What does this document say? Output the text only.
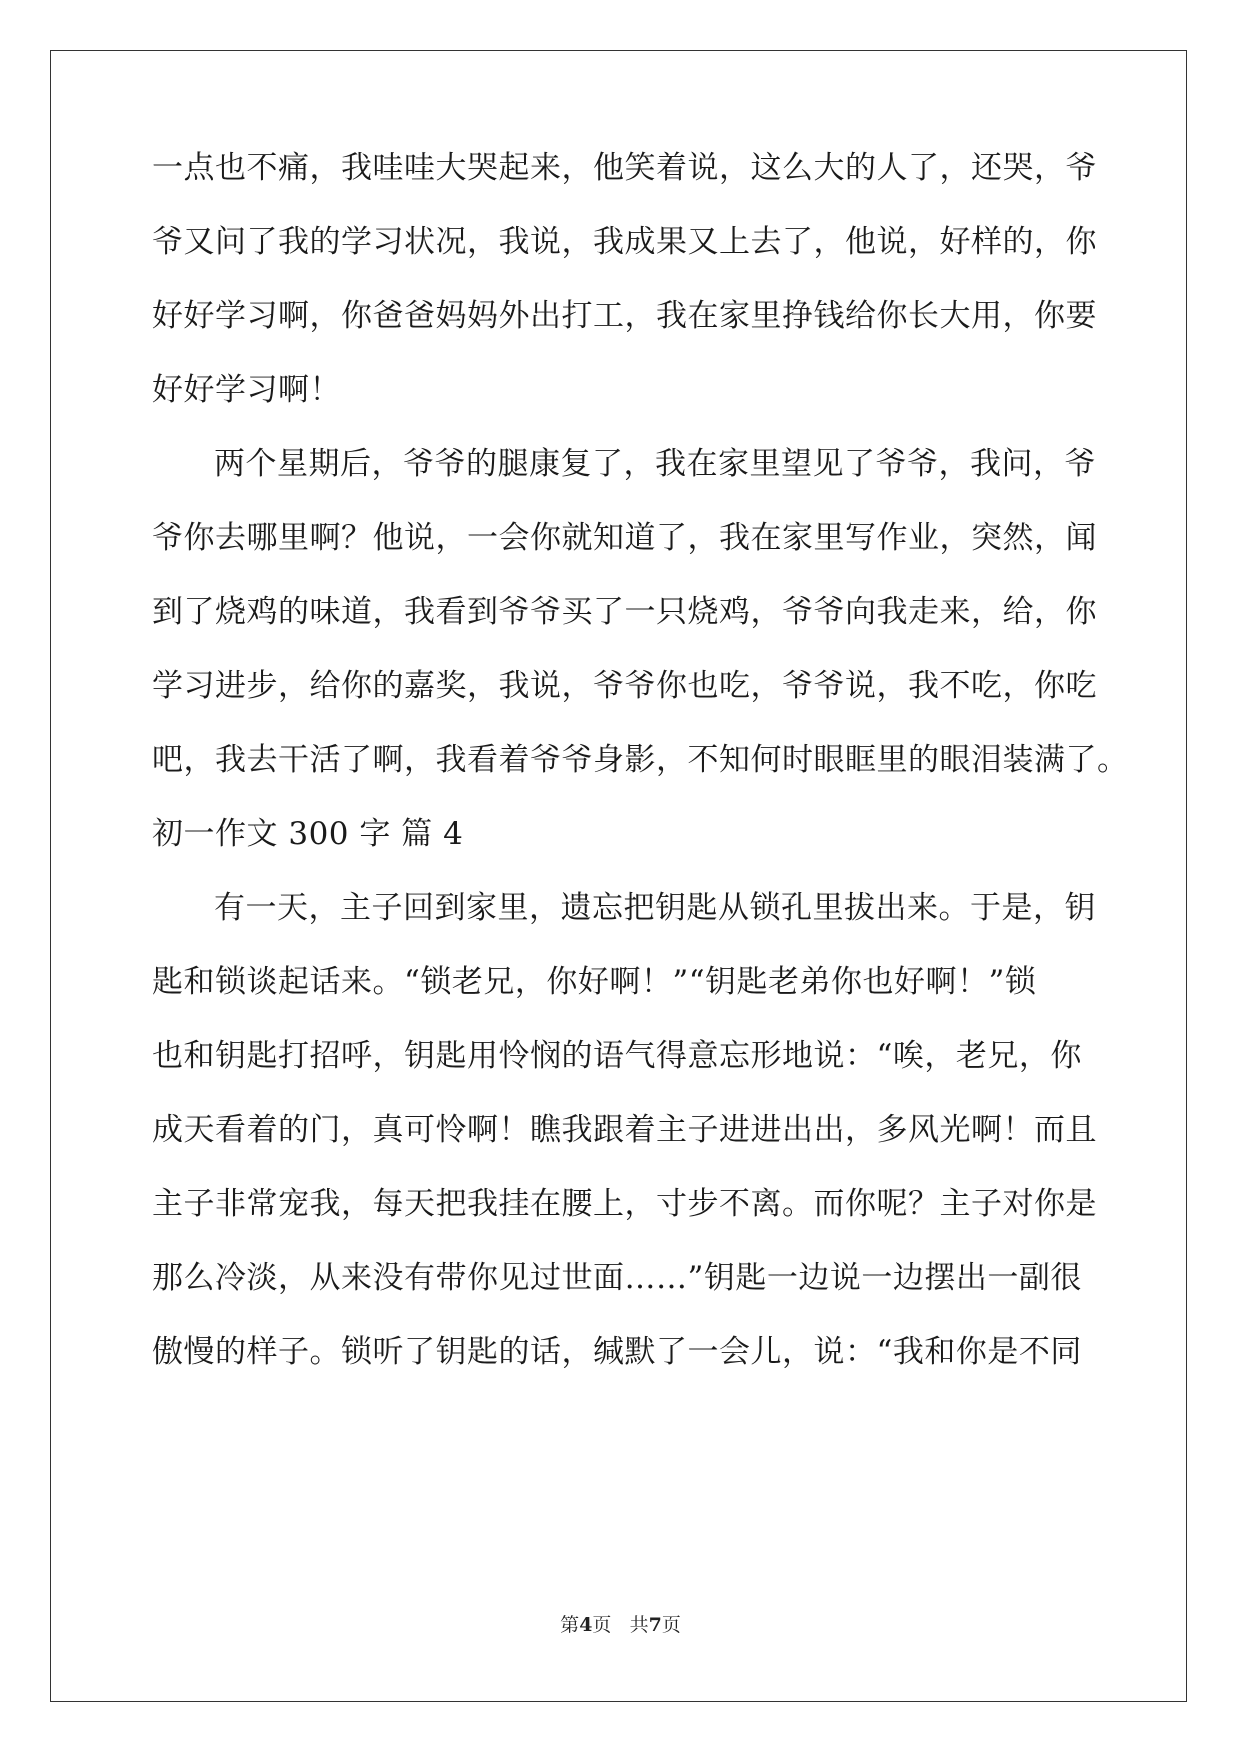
一点也不痛，我哇哇大哭起来，他笑着说，这么大的人了，还哭，爷
爷又问了我的学习状况，我说，我成果又上去了，他说，好样的，你
好好学习啊，你爸爸妈妈外出打工，我在家里挣钱给你长大用，你要
好好学习啊！
两个星期后，爷爷的腿康复了，我在家里望见了爷爷，我问，爷
爷你去哪里啊？他说，一会你就知道了，我在家里写作业，突然，闻
到了烧鸡的味道，我看到爷爷买了一只烧鸡，爷爷向我走来，给，你
学习进步，给你的嘉奖，我说，爷爷你也吃，爷爷说，我不吃，你吃
吧，我去干活了啊，我看着爷爷身影，不知何时眼眶里的眼泪装满了。
初一作文 300 字 篇 4
有一天，主子回到家里，遗忘把钥匙从锁孔里拔出来。于是，钥
匙和锁谈起话来。“锁老兄，你好啊！”“钥匙老弟你也好啊！”锁
也和钥匙打招呼，钥匙用怜悯的语气得意忘形地说：“唉，老兄，你
成天看着的门，真可怜啊！瞧我跟着主子进进出出，多风光啊！而且
主子非常宠我，每天把我挂在腰上，寸步不离。而你呢？主子对你是
那么冷淡，从来没有带你见过世面……”钥匙一边说一边摆出一副很
傲慢的样子。锁听了钥匙的话，缄默了一会儿，说：“我和你是不同
第4页 共7页
